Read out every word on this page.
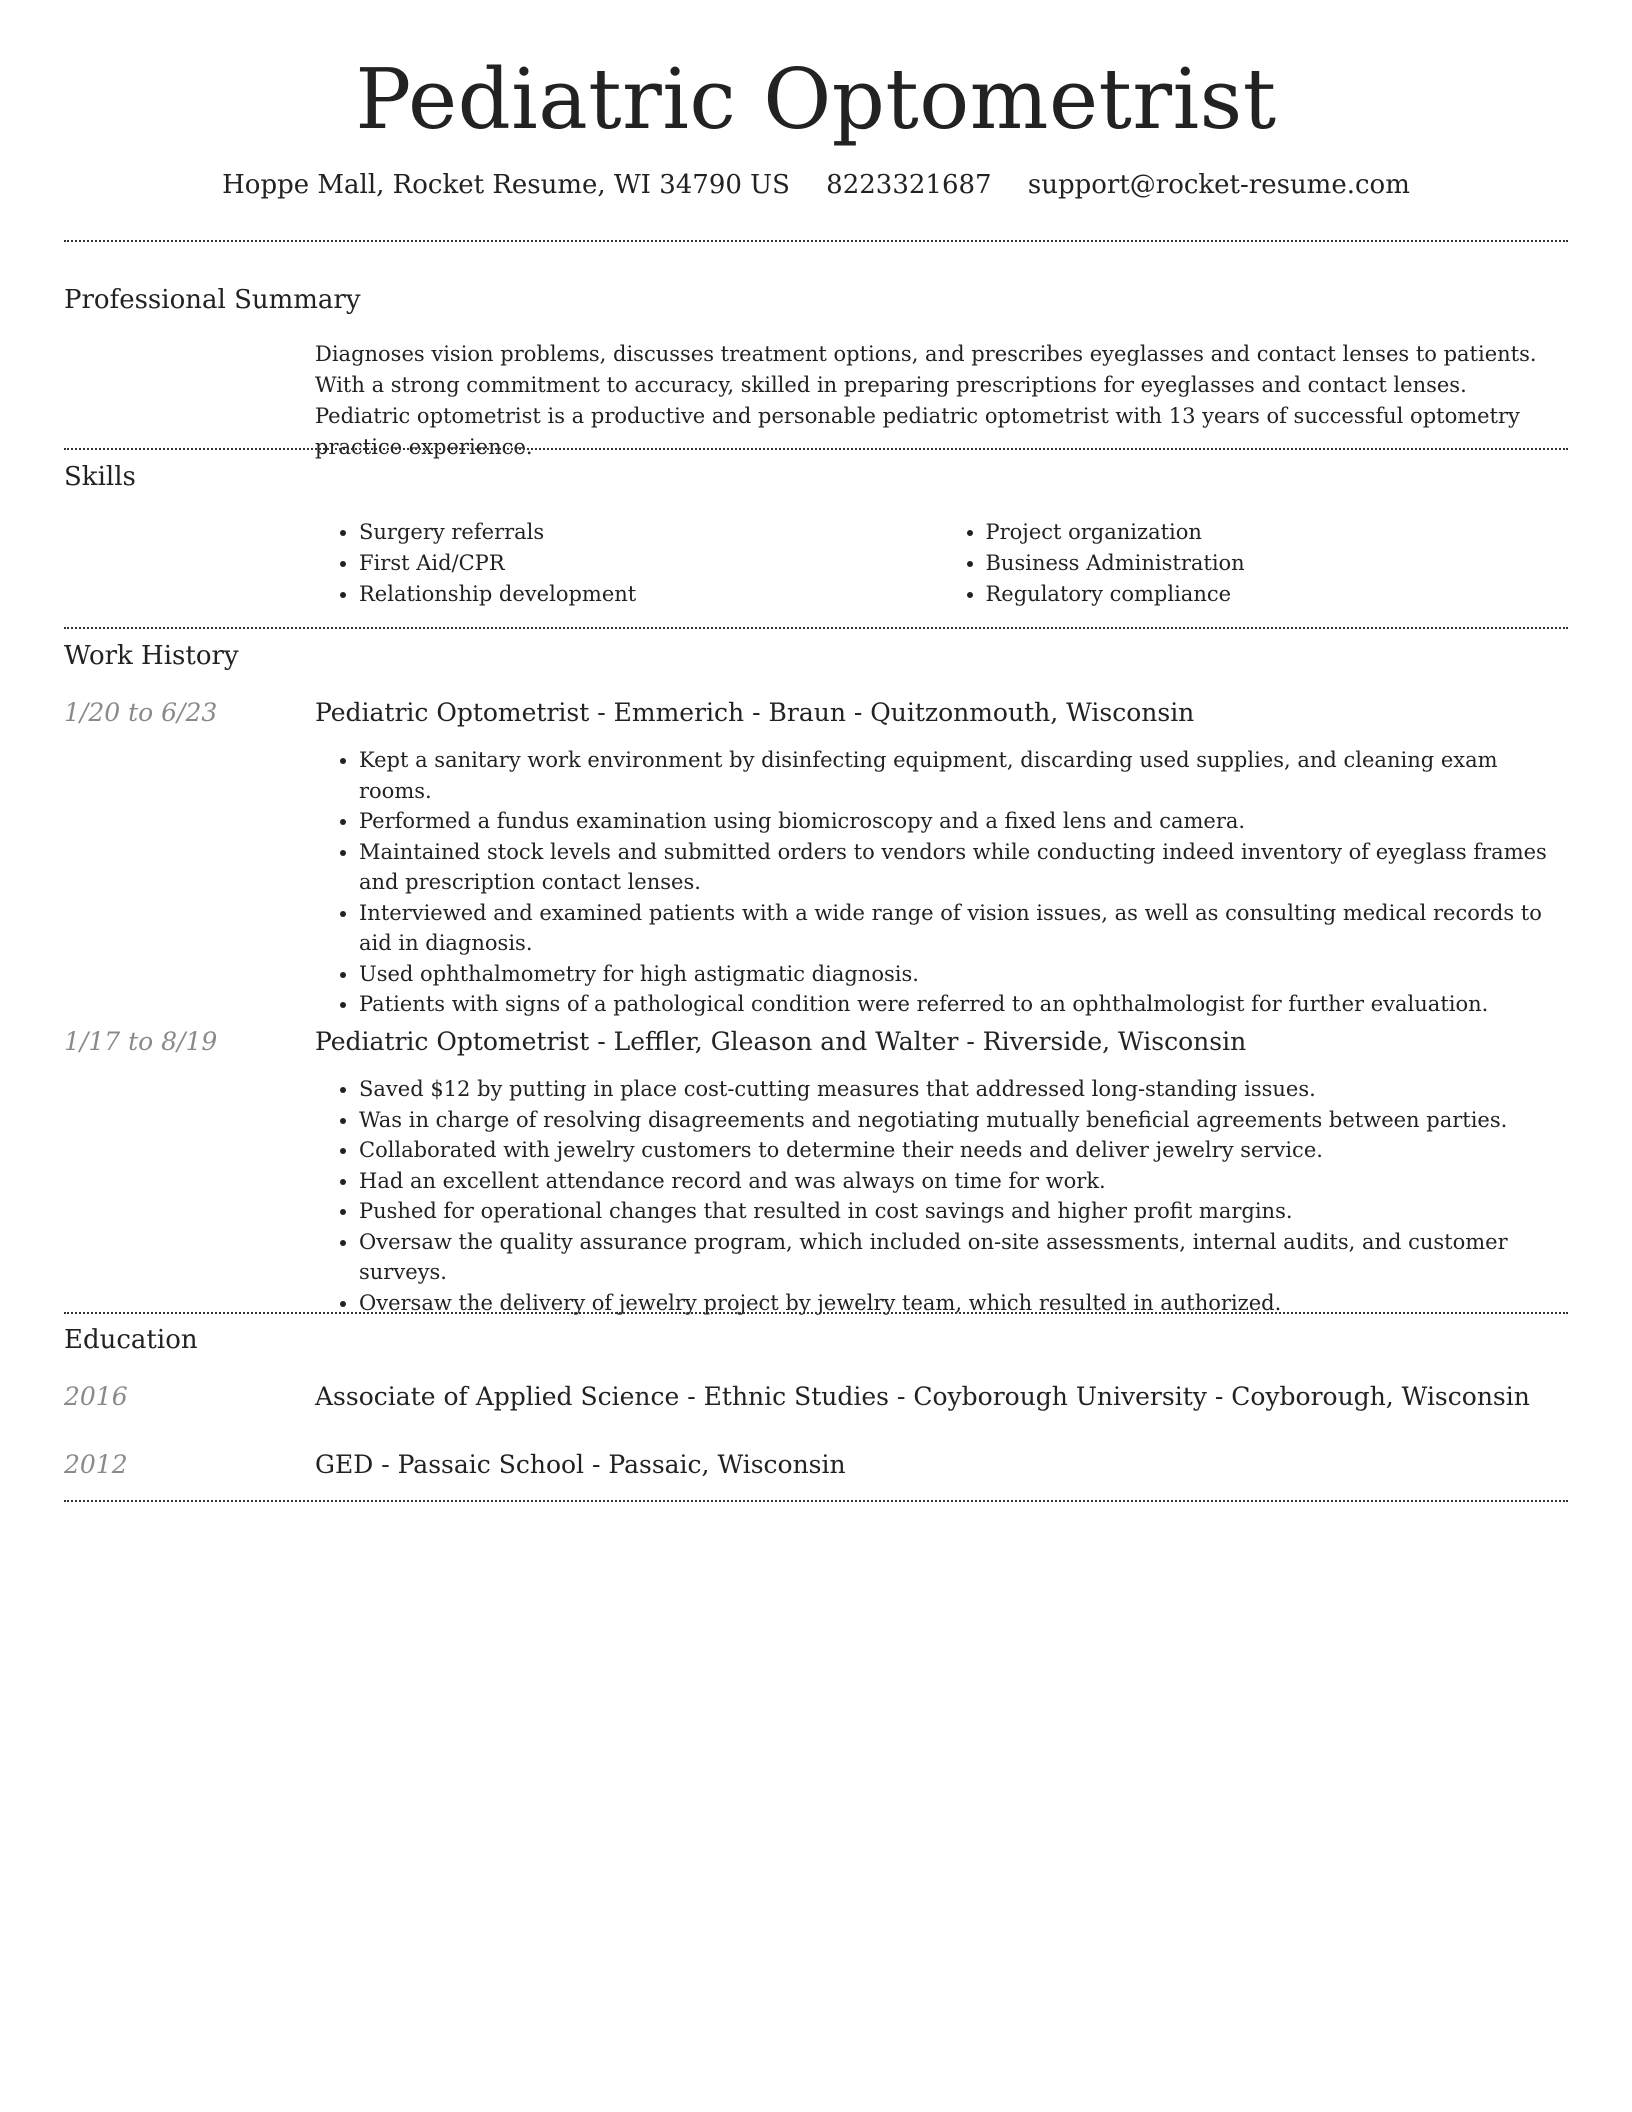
Pediatric Optometrist
Hoppe Mall, Rocket Resume, WI 34790 US 8223321687 support@rocket-resume.com
Professional Summary

Diagnoses vision problems, discusses treatment options, and prescribes eyeglasses and contact lenses to patients. With a strong commitment to accuracy, skilled in preparing prescriptions for eyeglasses and contact lenses. Pediatric optometrist is a productive and personable pediatric optometrist with 13 years of successful optometry practice experience.

Skills
• Surgery referrals
• First Aid/CPR
• Relationship development
• Project organization
• Business Administration
• Regulatory compliance
Work History
1/20 to 6/23	Pediatric Optometrist - Emmerich - Braun - Quitzonmouth, Wisconsin
• Kept a sanitary work environment by disinfecting equipment, discarding used supplies, and cleaning exam rooms.
• Performed a fundus examination using biomicroscopy and a fixed lens and camera.
• Maintained stock levels and submitted orders to vendors while conducting indeed inventory of eyeglass frames and prescription contact lenses.
• Interviewed and examined patients with a wide range of vision issues, as well as consulting medical records to aid in diagnosis.
• Used ophthalmometry for high astigmatic diagnosis.
• Patients with signs of a pathological condition were referred to an ophthalmologist for further evaluation.
1/17 to 8/19	Pediatric Optometrist - Leffler, Gleason and Walter - Riverside, Wisconsin
• Saved $12 by putting in place cost-cutting measures that addressed long-standing issues.
• Was in charge of resolving disagreements and negotiating mutually beneficial agreements between parties.
• Collaborated with jewelry customers to determine their needs and deliver jewelry service.
• Had an excellent attendance record and was always on time for work.
• Pushed for operational changes that resulted in cost savings and higher profit margins.
• Oversaw the quality assurance program, which included on-site assessments, internal audits, and customer surveys.
• Oversaw the delivery of jewelry project by jewelry team, which resulted in authorized.
Education
2016	Associate of Applied Science - Ethnic Studies - Coyborough University - Coyborough, Wisconsin
2012	GED - Passaic School - Passaic, Wisconsin
